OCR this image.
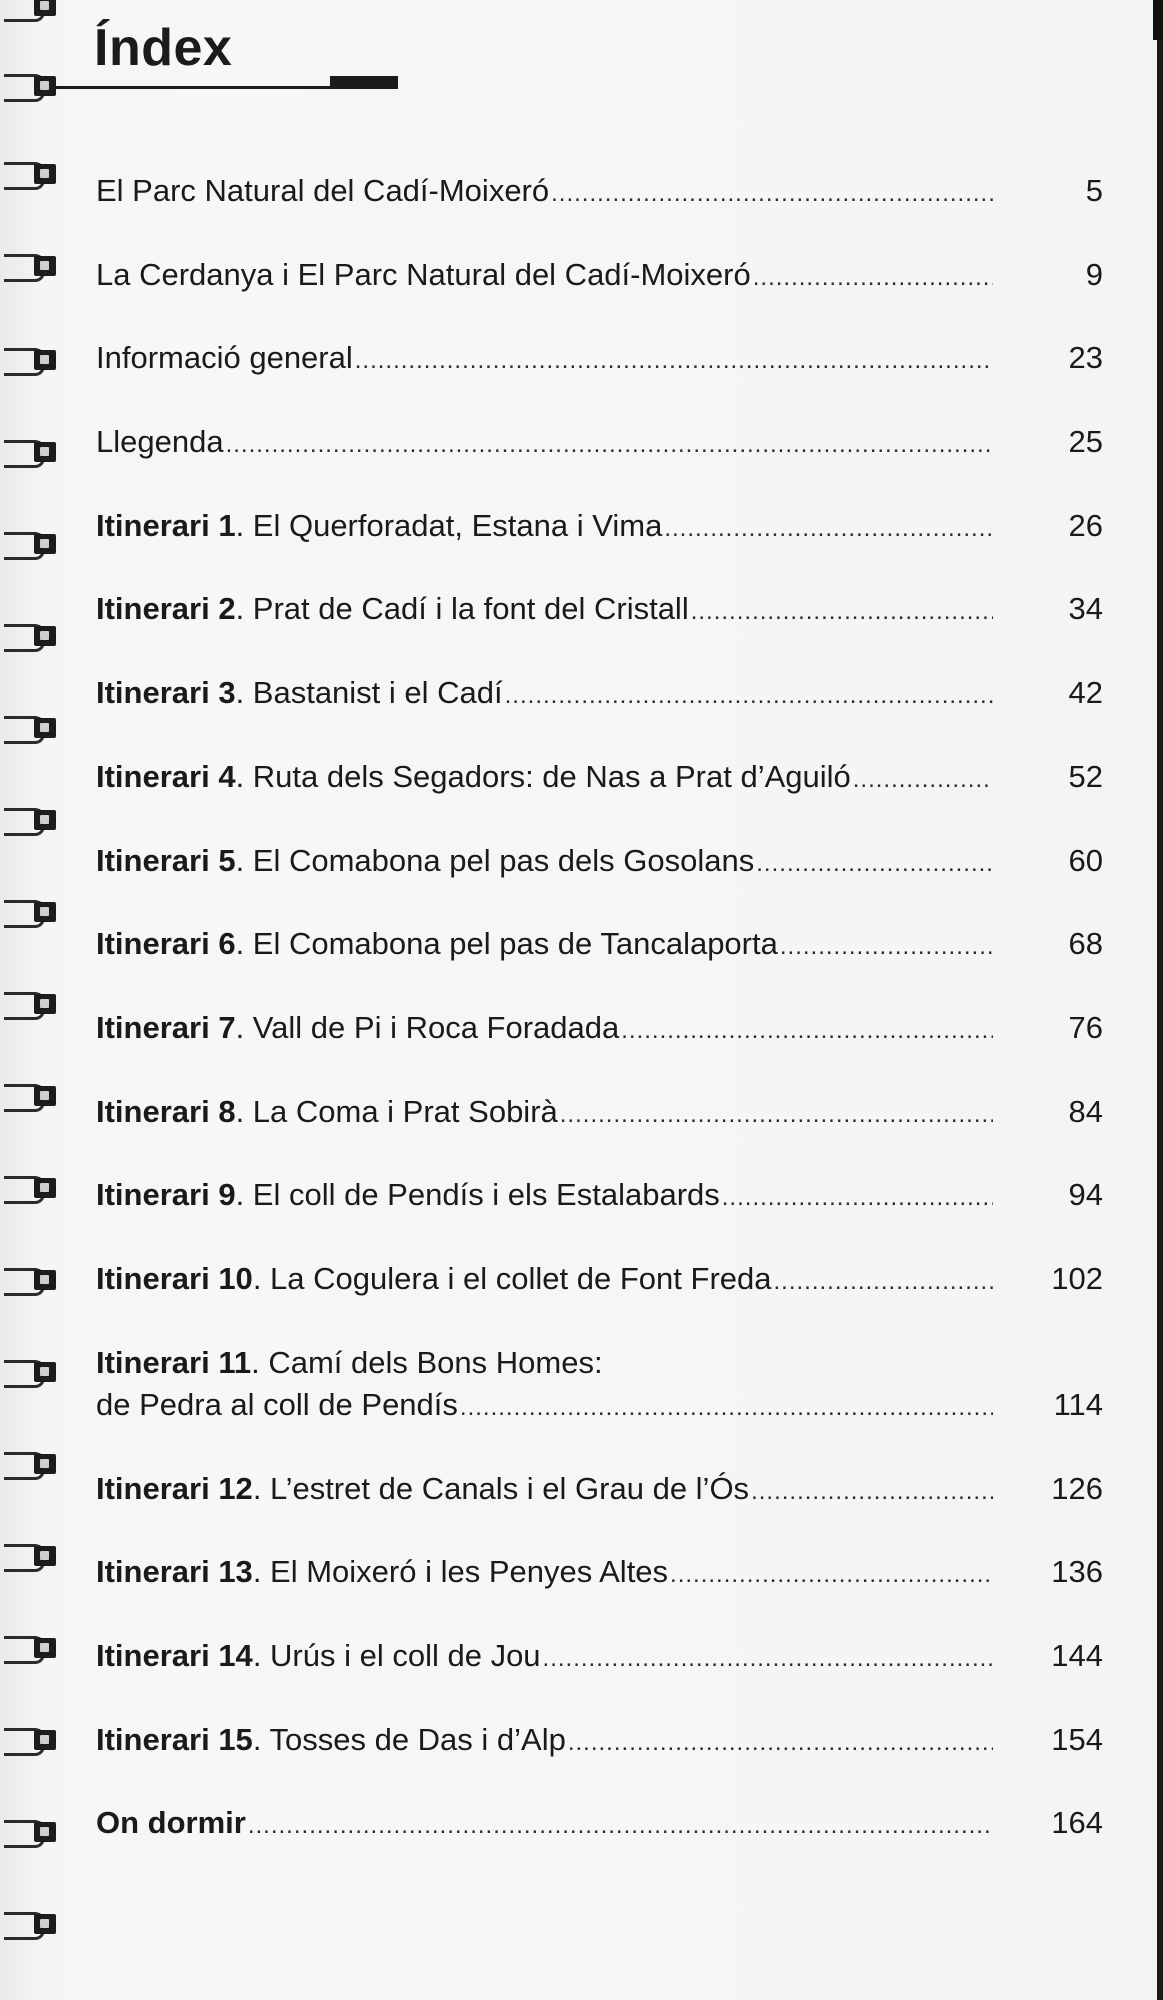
Índex
El Parc Natural del Cadí-Moixeró .....	5
La Cerdanya i El Parc Natural del Cadí-Moixeró .....	9
Informació general .....	23
Llegenda .....	25
Itinerari 1. El Querforadat, Estana i Vima .....	26
Itinerari 2. Prat de Cadí i la font del Cristall .....	34
Itinerari 3. Bastanist i el Cadí .....	42
Itinerari 4. Ruta dels Segadors: de Nas a Prat d’Aguiló .....	52
Itinerari 5. El Comabona pel pas dels Gosolans .....	60
Itinerari 6. El Comabona pel pas de Tancalaporta .....	68
Itinerari 7. Vall de Pi i Roca Foradada .....	76
Itinerari 8. La Coma i Prat Sobirà .....	84
Itinerari 9. El coll de Pendís i els Estalabards .....	94
Itinerari 10. La Cogulera i el collet de Font Freda .....	102
Itinerari 11. Camí dels Bons Homes:
de Pedra al coll de Pendís .....	114
Itinerari 12. L’estret de Canals i el Grau de l’Ós .....	126
Itinerari 13. El Moixeró i les Penyes Altes .....	136
Itinerari 14. Urús i el coll de Jou .....	144
Itinerari 15. Tosses de Das i d’Alp .....	154
On dormir .....	164
